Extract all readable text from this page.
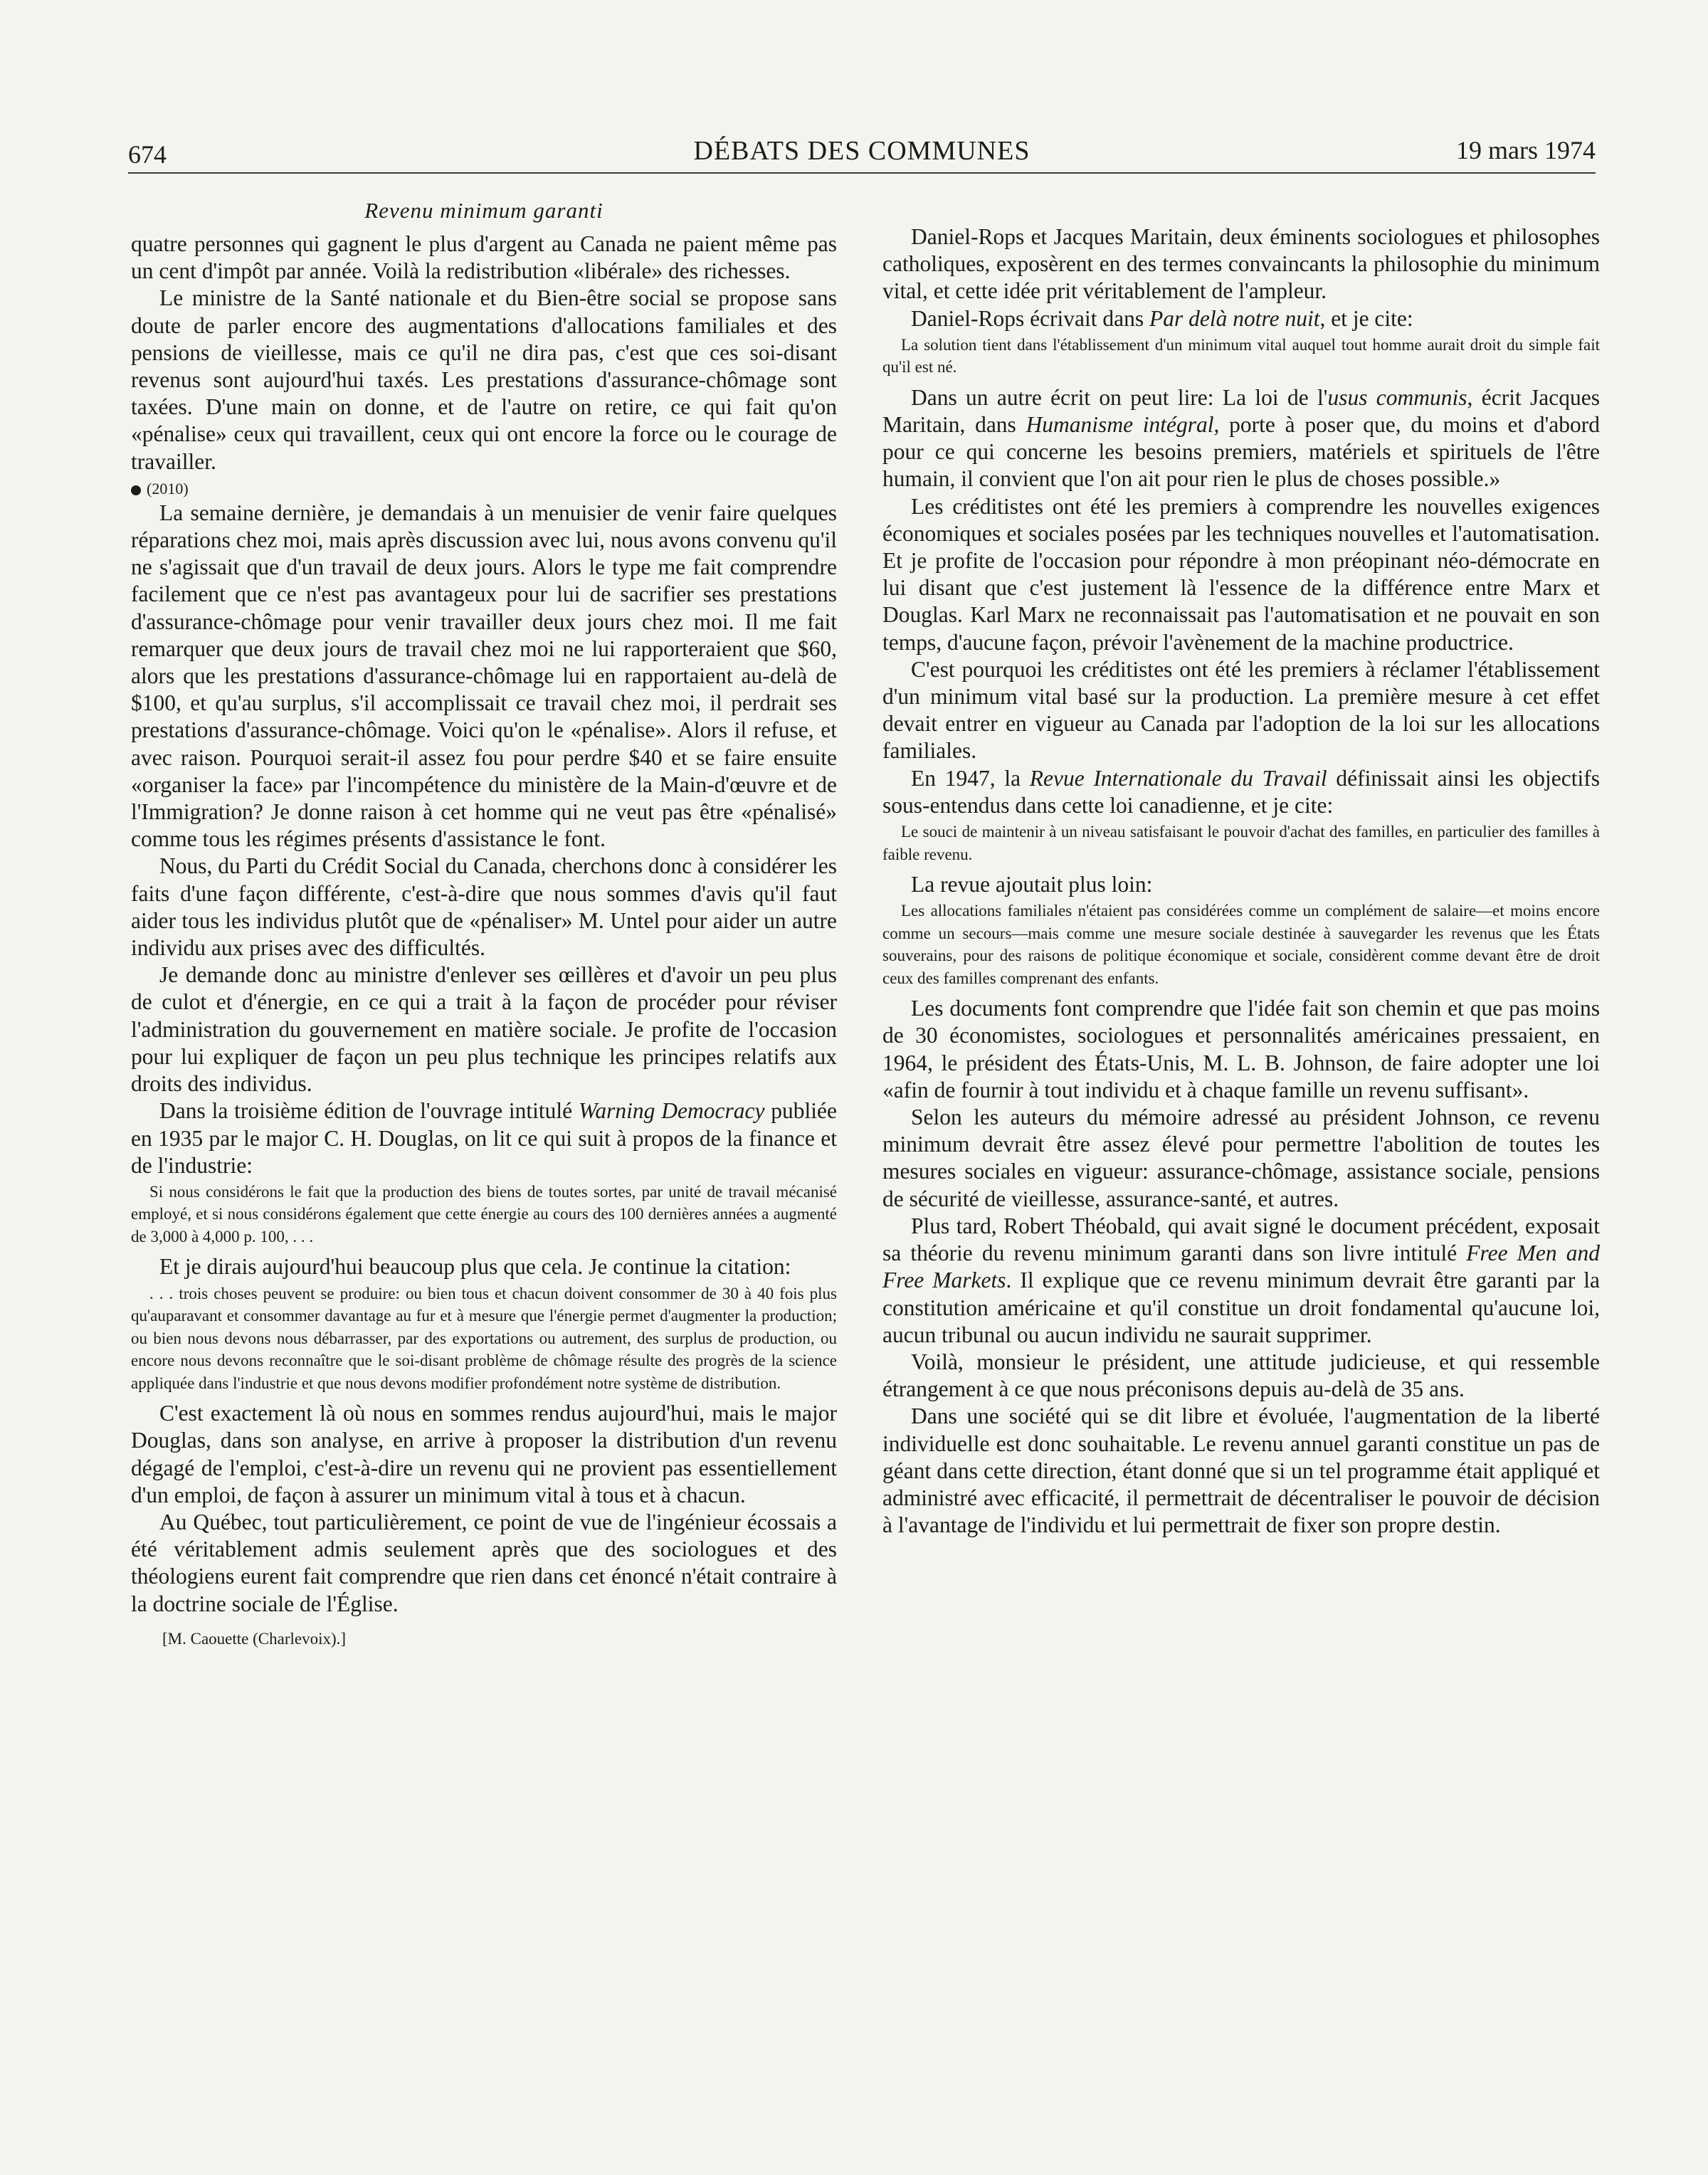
674	DÉBATS DES COMMUNES	19 mars 1974
Revenu minimum garanti

quatre personnes qui gagnent le plus d'argent au Canada ne paient même pas un cent d'impôt par année. Voilà la redistribution «libérale» des richesses.

Le ministre de la Santé nationale et du Bien-être social se propose sans doute de parler encore des augmentations d'allocations familiales et des pensions de vieillesse, mais ce qu'il ne dira pas, c'est que ces soi-disant revenus sont aujourd'hui taxés. Les prestations d'assurance-chômage sont taxées. D'une main on donne, et de l'autre on retire, ce qui fait qu'on «pénalise» ceux qui travaillent, ceux qui ont encore la force ou le courage de travailler.

(2010)

La semaine dernière, je demandais à un menuisier de venir faire quelques réparations chez moi, mais après discussion avec lui, nous avons convenu qu'il ne s'agissait que d'un travail de deux jours. Alors le type me fait comprendre facilement que ce n'est pas avantageux pour lui de sacrifier ses prestations d'assurance-chômage pour venir travailler deux jours chez moi. Il me fait remarquer que deux jours de travail chez moi ne lui rapporteraient que $60, alors que les prestations d'assurance-chômage lui en rapportaient au-delà de $100, et qu'au surplus, s'il accomplissait ce travail chez moi, il perdrait ses prestations d'assurance-chômage. Voici qu'on le «pénalise». Alors il refuse, et avec raison. Pourquoi serait-il assez fou pour perdre $40 et se faire ensuite «organiser la face» par l'incompétence du ministère de la Main-d'œuvre et de l'Immigration? Je donne raison à cet homme qui ne veut pas être «pénalisé» comme tous les régimes présents d'assistance le font.

Nous, du Parti du Crédit Social du Canada, cherchons donc à considérer les faits d'une façon différente, c'est-à-dire que nous sommes d'avis qu'il faut aider tous les individus plutôt que de «pénaliser» M. Untel pour aider un autre individu aux prises avec des difficultés.

Je demande donc au ministre d'enlever ses œillères et d'avoir un peu plus de culot et d'énergie, en ce qui a trait à la façon de procéder pour réviser l'administration du gouvernement en matière sociale. Je profite de l'occasion pour lui expliquer de façon un peu plus technique les principes relatifs aux droits des individus.

Dans la troisième édition de l'ouvrage intitulé Warning Democracy publiée en 1935 par le major C. H. Douglas, on lit ce qui suit à propos de la finance et de l'industrie:

Si nous considérons le fait que la production des biens de toutes sortes, par unité de travail mécanisé employé, et si nous considérons également que cette énergie au cours des 100 dernières années a augmenté de 3,000 à 4,000 p. 100, . . .

Et je dirais aujourd'hui beaucoup plus que cela. Je continue la citation:

. . . trois choses peuvent se produire: ou bien tous et chacun doivent consommer de 30 à 40 fois plus qu'auparavant et consommer davantage au fur et à mesure que l'énergie permet d'augmenter la production; ou bien nous devons nous débarrasser, par des exportations ou autrement, des surplus de production, ou encore nous devons reconnaître que le soi-disant problème de chômage résulte des progrès de la science appliquée dans l'industrie et que nous devons modifier profondément notre système de distribution.

C'est exactement là où nous en sommes rendus aujourd'hui, mais le major Douglas, dans son analyse, en arrive à proposer la distribution d'un revenu dégagé de l'emploi, c'est-à-dire un revenu qui ne provient pas essentiellement d'un emploi, de façon à assurer un minimum vital à tous et à chacun.

Au Québec, tout particulièrement, ce point de vue de l'ingénieur écossais a été véritablement admis seulement après que des sociologues et des théologiens eurent fait comprendre que rien dans cet énoncé n'était contraire à la doctrine sociale de l'Église.

[M. Caouette (Charlevoix).]

Daniel-Rops et Jacques Maritain, deux éminents sociologues et philosophes catholiques, exposèrent en des termes convaincants la philosophie du minimum vital, et cette idée prit véritablement de l'ampleur.

Daniel-Rops écrivait dans Par delà notre nuit, et je cite:

La solution tient dans l'établissement d'un minimum vital auquel tout homme aurait droit du simple fait qu'il est né.

Dans un autre écrit on peut lire: La loi de l'usus communis, écrit Jacques Maritain, dans Humanisme intégral, porte à poser que, du moins et d'abord pour ce qui concerne les besoins premiers, matériels et spirituels de l'être humain, il convient que l'on ait pour rien le plus de choses possible.»

Les créditistes ont été les premiers à comprendre les nouvelles exigences économiques et sociales posées par les techniques nouvelles et l'automatisation. Et je profite de l'occasion pour répondre à mon préopinant néo-démocrate en lui disant que c'est justement là l'essence de la différence entre Marx et Douglas. Karl Marx ne reconnaissait pas l'automatisation et ne pouvait en son temps, d'aucune façon, prévoir l'avènement de la machine productrice.

C'est pourquoi les créditistes ont été les premiers à réclamer l'établissement d'un minimum vital basé sur la production. La première mesure à cet effet devait entrer en vigueur au Canada par l'adoption de la loi sur les allocations familiales.

En 1947, la Revue Internationale du Travail définissait ainsi les objectifs sous-entendus dans cette loi canadienne, et je cite:

Le souci de maintenir à un niveau satisfaisant le pouvoir d'achat des familles, en particulier des familles à faible revenu.

La revue ajoutait plus loin:

Les allocations familiales n'étaient pas considérées comme un complément de salaire—et moins encore comme un secours—mais comme une mesure sociale destinée à sauvegarder les revenus que les États souverains, pour des raisons de politique économique et sociale, considèrent comme devant être de droit ceux des familles comprenant des enfants.

Les documents font comprendre que l'idée fait son chemin et que pas moins de 30 économistes, sociologues et personnalités américaines pressaient, en 1964, le président des États-Unis, M. L. B. Johnson, de faire adopter une loi «afin de fournir à tout individu et à chaque famille un revenu suffisant».

Selon les auteurs du mémoire adressé au président Johnson, ce revenu minimum devrait être assez élevé pour permettre l'abolition de toutes les mesures sociales en vigueur: assurance-chômage, assistance sociale, pensions de sécurité de vieillesse, assurance-santé, et autres.

Plus tard, Robert Théobald, qui avait signé le document précédent, exposait sa théorie du revenu minimum garanti dans son livre intitulé Free Men and Free Markets. Il explique que ce revenu minimum devrait être garanti par la constitution américaine et qu'il constitue un droit fondamental qu'aucune loi, aucun tribunal ou aucun individu ne saurait supprimer.

Voilà, monsieur le président, une attitude judicieuse, et qui ressemble étrangement à ce que nous préconisons depuis au-delà de 35 ans.

Dans une société qui se dit libre et évoluée, l'augmentation de la liberté individuelle est donc souhaitable. Le revenu annuel garanti constitue un pas de géant dans cette direction, étant donné que si un tel programme était appliqué et administré avec efficacité, il permettrait de décentraliser le pouvoir de décision à l'avantage de l'individu et lui permettrait de fixer son propre destin.
